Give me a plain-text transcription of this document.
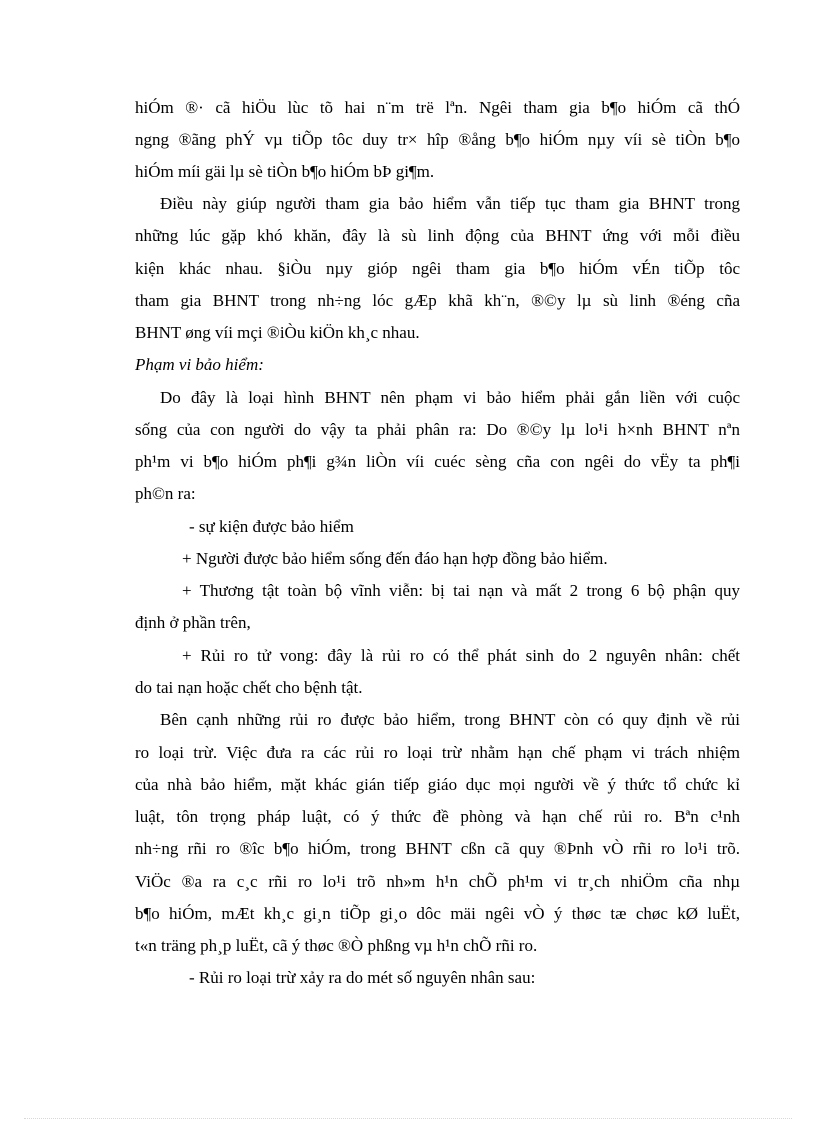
hiÓm ®· cã hiÖu lùc tõ hai n¨m trë lªn. Ngêi tham gia b¶o hiÓm cã thÓ
ngng ®ãng phÝ vµ tiÕp tôc duy tr× hîp ®ång b¶o hiÓm nµy víi sè tiÒn b¶o
hiÓm míi gäi lµ sè tiÒn b¶o hiÓm bÞ gi¶m.
Điều này giúp người tham gia bảo hiểm vẫn tiếp tục tham gia BHNT trong
những lúc gặp khó khăn, đây là sù linh động của BHNT ứng với mỗi điều
kiện khác nhau. §iÒu nµy gióp ngêi tham gia b¶o hiÓm vÉn tiÕp tôc
tham gia BHNT trong nh÷ng lóc gÆp khã kh¨n, ®©y lµ sù linh ®éng cña
BHNT øng víi mçi ®iÒu kiÖn kh¸c nhau.
Phạm vi bảo hiểm:
Do đây là loại hình BHNT nên phạm vi bảo hiểm phải gắn liền với cuộc
sống của con người do vậy ta phải phân ra: Do ®©y lµ lo¹i h×nh BHNT nªn
ph¹m vi b¶o hiÓm ph¶i g¾n liÒn víi cuéc sèng cña con ngêi do vËy ta ph¶i
ph©n ra:
- sự kiện được bảo hiểm
+ Người được bảo hiểm sống đến đáo hạn hợp đồng bảo hiểm.
+ Thương tật toàn bộ vĩnh viễn: bị tai nạn và mất 2 trong 6 bộ phận quy
định ở phần trên,
+ Rủi ro tử vong: đây là rủi ro có thể phát sinh do 2 nguyên nhân: chết
do tai nạn hoặc chết cho bệnh tật.
Bên cạnh những rủi ro được bảo hiểm, trong BHNT còn có quy định về rủi
ro loại trừ. Việc đưa ra các rủi ro loại trừ nhằm hạn chế phạm vi trách nhiệm
của nhà bảo hiểm, mặt khác gián tiếp giáo dục mọi người về ý thức tổ chức kỉ
luật, tôn trọng pháp luật, có ý thức đề phòng và hạn chế rủi ro. Bªn c¹nh
nh÷ng rñi ro ®îc b¶o hiÓm, trong BHNT cßn cã quy ®Þnh vÒ rñi ro lo¹i trõ.
ViÖc ®a ra c¸c rñi ro lo¹i trõ nh»m h¹n chÕ ph¹m vi tr¸ch nhiÖm cña nhµ
b¶o hiÓm, mÆt kh¸c gi¸n tiÕp gi¸o dôc mäi ngêi vÒ ý thøc tæ chøc kØ luËt,
t«n träng ph¸p luËt, cã ý thøc ®Ò phßng vµ h¹n chÕ rñi ro.
- Rủi ro loại trừ xảy ra do mét số nguyên nhân sau:
